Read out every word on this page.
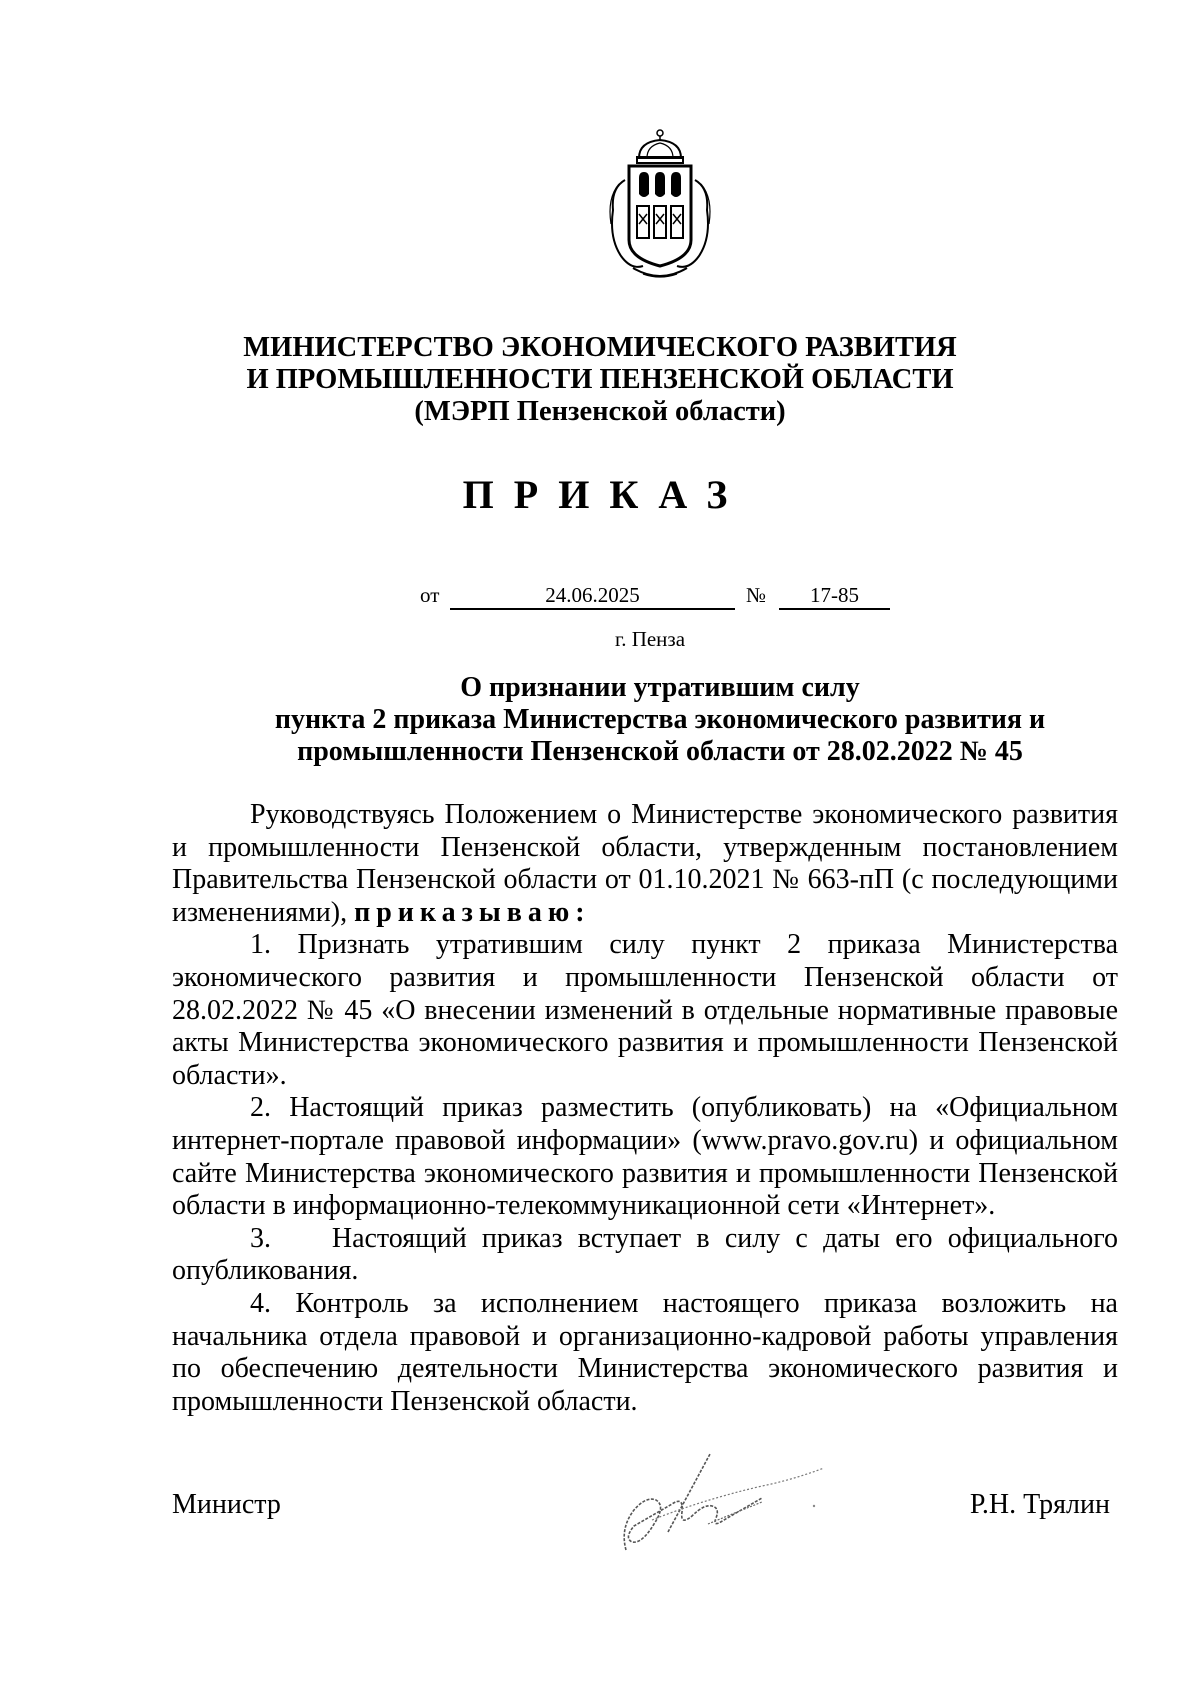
МИНИСТЕРСТВО ЭКОНОМИЧЕСКОГО РАЗВИТИЯ
И ПРОМЫШЛЕННОСТИ ПЕНЗЕНСКОЙ ОБЛАСТИ
(МЭРП Пензенской области)
ПРИКАЗ
от	24.06.2025	№	17-85
г. Пенза
О признании утратившим силу
пункта 2 приказа Министерства экономического развития и
промышленности Пензенской области от 28.02.2022 № 45

Руководствуясь Положением о Министерстве экономического развития и промышленности Пензенской области, утвержденным постановлением Правительства Пензенской области от 01.10.2021 № 663-пП (с последующими изменениями), приказываю:

1. Признать утратившим силу пункт 2 приказа Министерства экономического развития и промышленности Пензенской области от 28.02.2022 № 45 «О внесении изменений в отдельные нормативные правовые акты Министерства экономического развития и промышленности Пензенской области».

2. Настоящий приказ разместить (опубликовать) на «Официальном интернет-портале правовой информации» (www.pravo.gov.ru) и официальном сайте Министерства экономического развития и промышленности Пензенской области в информационно-телекоммуникационной сети «Интернет».

3.    Настоящий приказ вступает в силу с даты его официального опубликования.

4. Контроль за исполнением настоящего приказа возложить на начальника отдела правовой и организационно-кадровой работы управления по обеспечению деятельности Министерства экономического развития и промышленности Пензенской области.

Министр	Р.Н. Трялин
